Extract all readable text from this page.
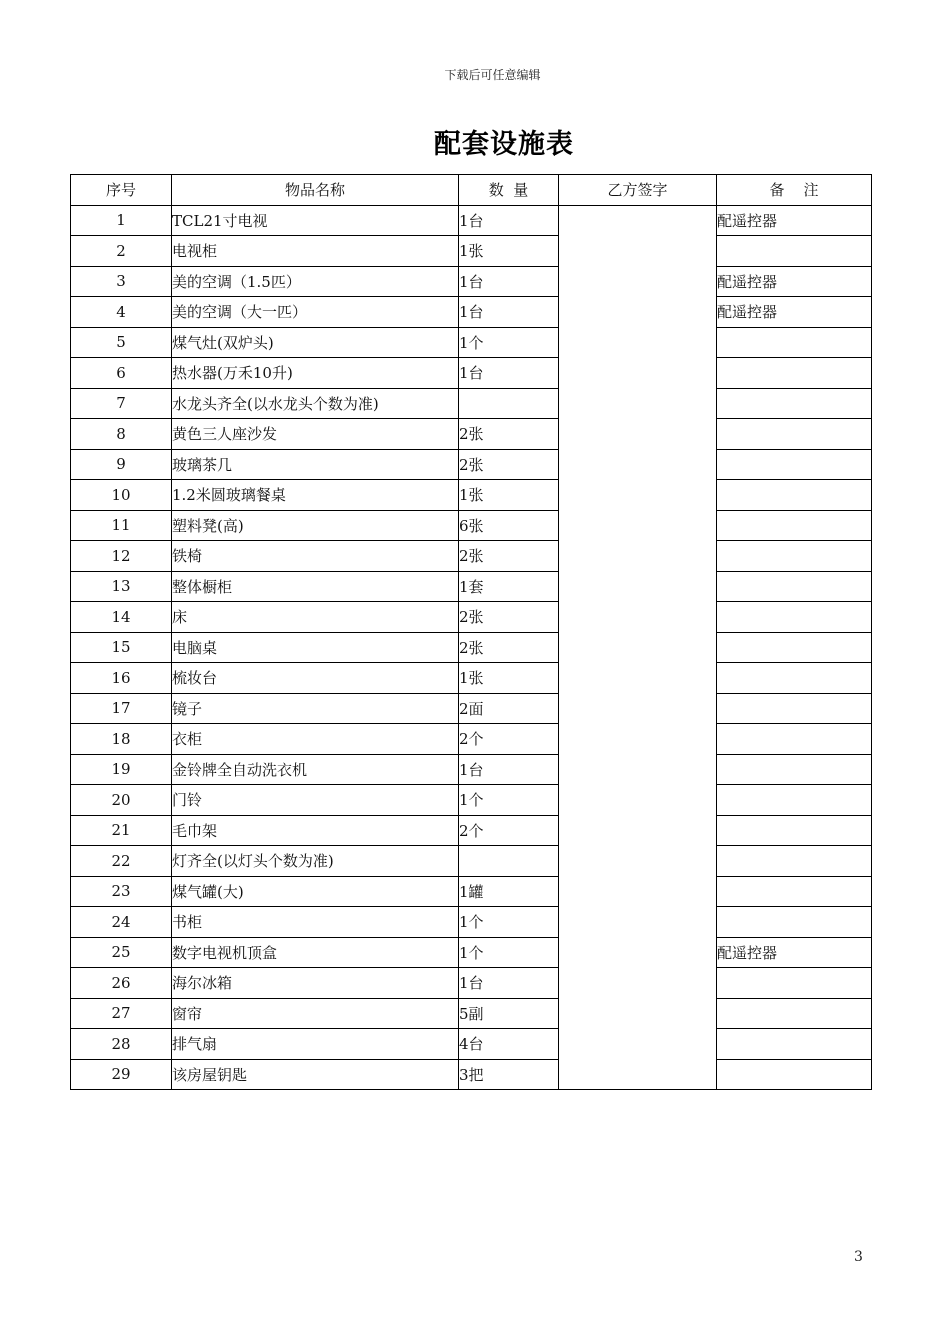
下载后可任意编辑
配套设施表
序号	物品名称	数  量	乙方签字	备    注
1	TCL21寸电视	1台		配遥控器
2	电视柜	1张		
3	美的空调（1.5匹）	1台		配遥控器
4	美的空调（大一匹）	1台		配遥控器
5	煤气灶(双炉头)	1个		
6	热水器(万禾10升)	1台		
7	水龙头齐全(以水龙头个数为准)			
8	黄色三人座沙发	2张		
9	玻璃茶几	2张		
10	1.2米圆玻璃餐桌	1张		
11	塑料凳(高)	6张		
12	铁椅	2张		
13	整体橱柜	1套		
14	床	2张		
15	电脑桌	2张		
16	梳妆台	1张		
17	镜子	2面		
18	衣柜	2个		
19	金铃牌全自动洗衣机	1台		
20	门铃	1个		
21	毛巾架	2个		
22	灯齐全(以灯头个数为准)			
23	煤气罐(大)	1罐		
24	书柜	1个		
25	数字电视机顶盒	1个		配遥控器
26	海尔冰箱	1台		
27	窗帘	5副		
28	排气扇	4台		
29	该房屋钥匙	3把		
3
